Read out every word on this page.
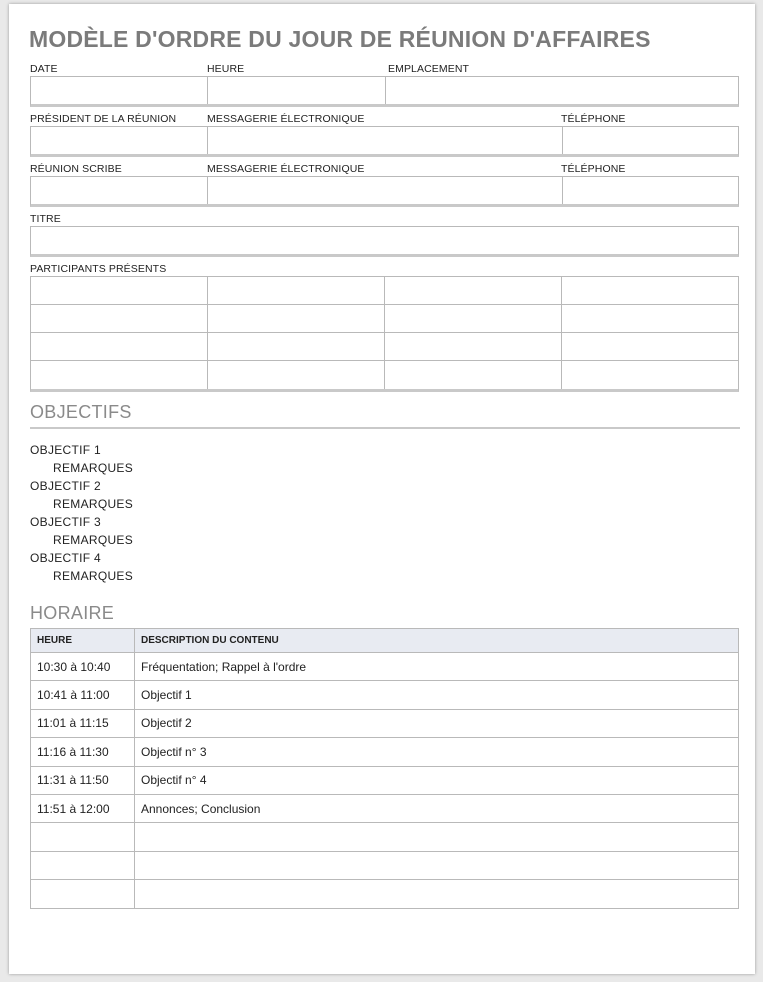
MODÈLE D'ORDRE DU JOUR DE RÉUNION D'AFFAIRES
DATE	HEURE	EMPLACEMENT
PRÉSIDENT DE LA RÉUNION	MESSAGERIE ÉLECTRONIQUE	TÉLÉPHONE
RÉUNION SCRIBE	MESSAGERIE ÉLECTRONIQUE	TÉLÉPHONE
TITRE
PARTICIPANTS PRÉSENTS
OBJECTIFS
OBJECTIF 1
REMARQUES
OBJECTIF 2
REMARQUES
OBJECTIF 3
REMARQUES
OBJECTIF 4
REMARQUES
HORAIRE
HEURE	DESCRIPTION DU CONTENU
10:30 à 10:40	Fréquentation; Rappel à l'ordre
10:41 à 11:00	Objectif 1
11:01 à 11:15	Objectif 2
11:16 à 11:30	Objectif n° 3
11:31 à 11:50	Objectif n° 4
11:51 à 12:00	Annonces; Conclusion
